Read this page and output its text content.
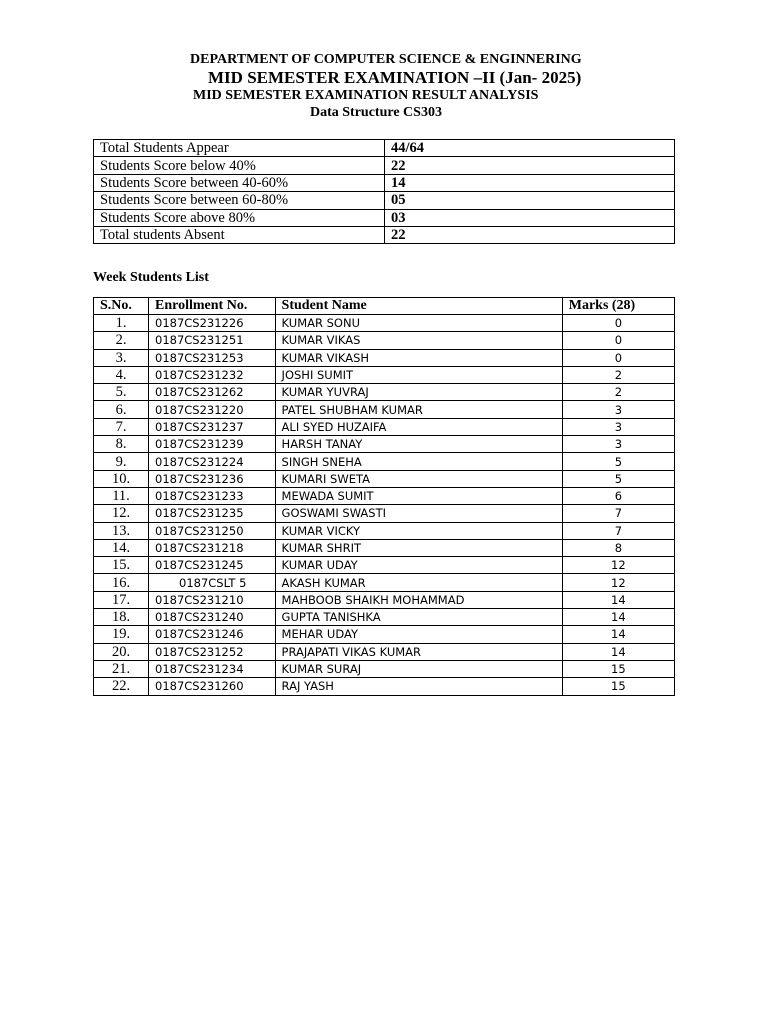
DEPARTMENT OF COMPUTER SCIENCE & ENGINNERING
MID SEMESTER EXAMINATION –II (Jan- 2025)
MID SEMESTER EXAMINATION RESULT ANALYSIS
Data Structure CS303
Total Students Appear	44/64
Students Score below 40%	22
Students Score between 40-60%	14
Students Score between 60-80%	05
Students Score above 80%	03
Total students Absent	22
Week Students List
S.No.	Enrollment No.	Student Name	Marks (28)
1.	0187CS231226	KUMAR SONU	0
2.	0187CS231251	KUMAR VIKAS	0
3.	0187CS231253	KUMAR VIKASH	0
4.	0187CS231232	JOSHI SUMIT	2
5.	0187CS231262	KUMAR YUVRAJ	2
6.	0187CS231220	PATEL SHUBHAM KUMAR	3
7.	0187CS231237	ALI SYED HUZAIFA	3
8.	0187CS231239	HARSH TANAY	3
9.	0187CS231224	SINGH SNEHA	5
10.	0187CS231236	KUMARI SWETA	5
11.	0187CS231233	MEWADA SUMIT	6
12.	0187CS231235	GOSWAMI SWASTI	7
13.	0187CS231250	KUMAR VICKY	7
14.	0187CS231218	KUMAR SHRIT	8
15.	0187CS231245	KUMAR UDAY	12
16.	0187CSLT 5	AKASH KUMAR	12
17.	0187CS231210	MAHBOOB SHAIKH MOHAMMAD	14
18.	0187CS231240	GUPTA TANISHKA	14
19.	0187CS231246	MEHAR UDAY	14
20.	0187CS231252	PRAJAPATI VIKAS KUMAR	14
21.	0187CS231234	KUMAR SURAJ	15
22.	0187CS231260	RAJ YASH	15
